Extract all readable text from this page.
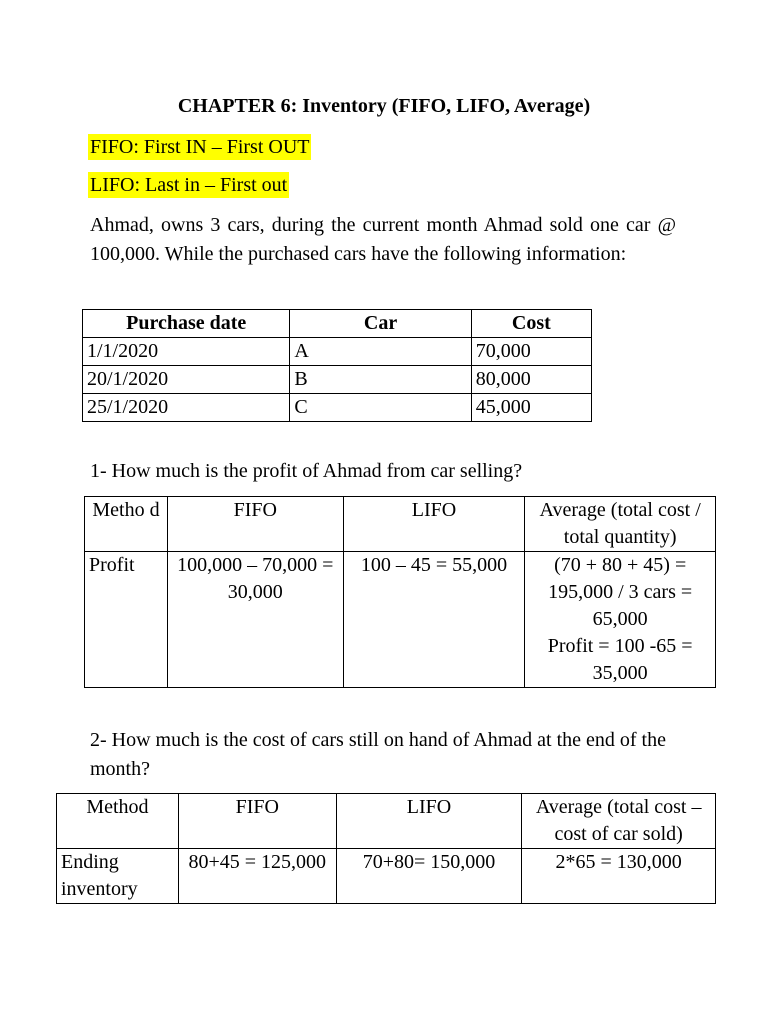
CHAPTER 6: Inventory (FIFO, LIFO, Average)
FIFO: First IN – First OUT
LIFO: Last in – First out
Ahmad, owns 3 cars, during the current month Ahmad sold one car @ 100,000. While the purchased cars have the following information:
Purchase date	Car	Cost
1/1/2020	A	70,000
20/1/2020	B	80,000
25/1/2020	C	45,000
1- How much is the profit of Ahmad from car selling?
Metho d	FIFO	LIFO	Average (total cost / total quantity)
Profit	100,000 – 70,000 = 30,000	100 – 45 = 55,000	(70 + 80 + 45) = 195,000 / 3 cars = 65,000
Profit = 100 -65 = 35,000
2- How much is the cost of cars still on hand of Ahmad at the end of the month?
Method	FIFO	LIFO	Average (total cost – cost of car sold)
Ending inventory	80+45 = 125,000	70+80= 150,000	2*65 = 130,000
